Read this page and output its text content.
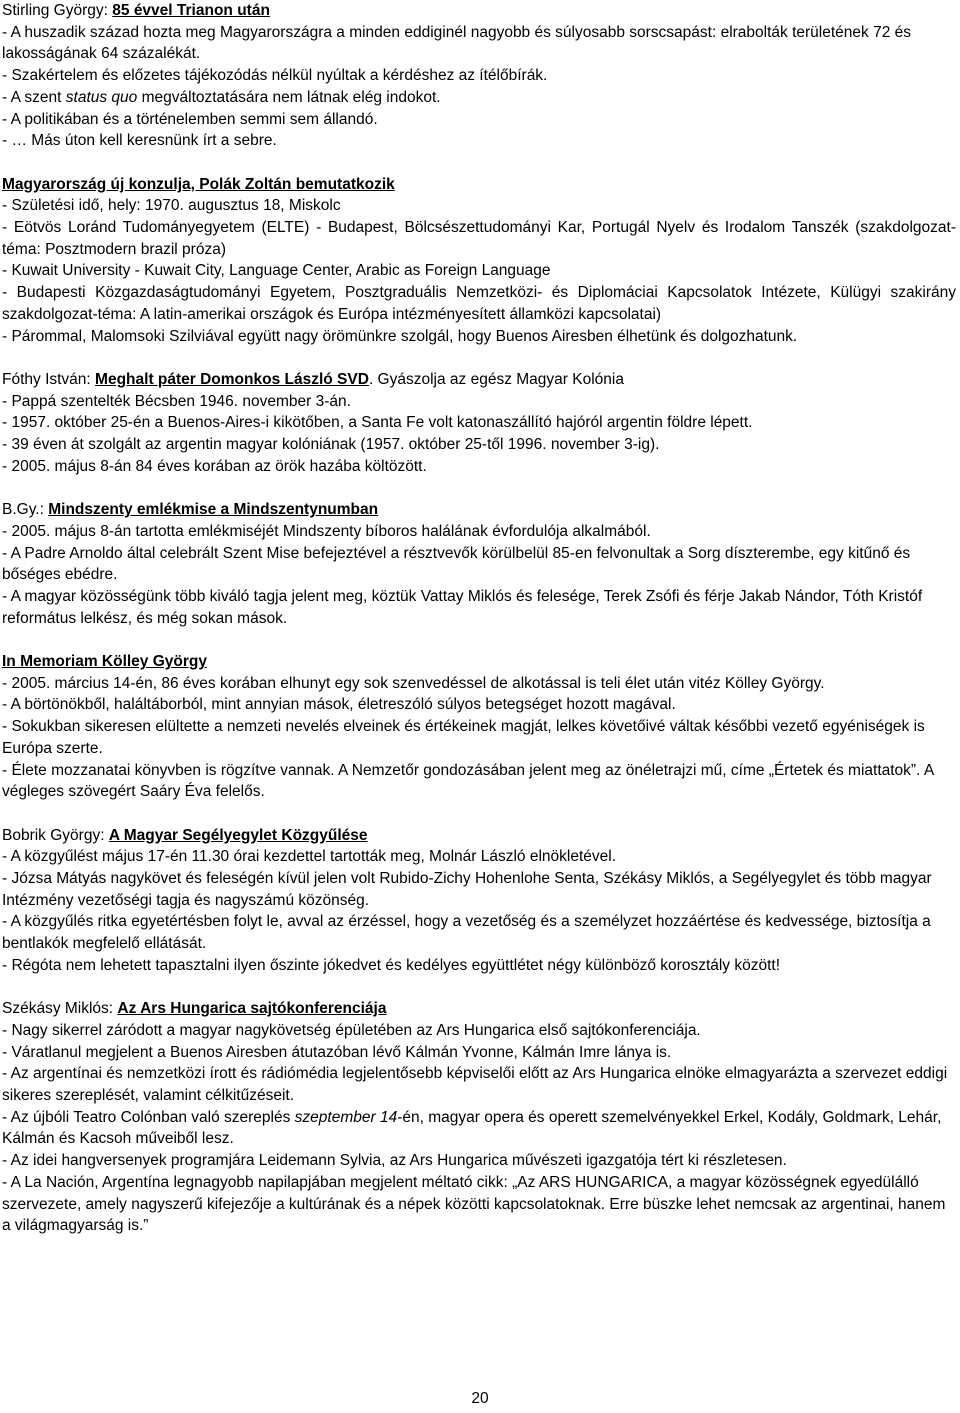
Stirling György: 85 évvel Trianon után
- A huszadik század hozta meg Magyarországra a minden eddiginél nagyobb és súlyosabb sorscsapást: elrabolták területének 72 és lakosságának 64 százalékát.
- Szakértelem és előzetes tájékozódás nélkül nyúltak a kérdéshez az ítélőbírák.
- A szent status quo megváltoztatására nem látnak elég indokot.
- A politikában és a történelemben semmi sem állandó.
- … Más úton kell keresnünk írt a sebre.
Magyarország új konzulja, Polák Zoltán bemutatkozik
- Születési idő, hely: 1970. augusztus 18, Miskolc
- Eötvös Loránd Tudományegyetem (ELTE) - Budapest, Bölcsészettudományi Kar, Portugál Nyelv és Irodalom Tanszék (szakdolgozat-téma: Posztmodern brazil próza)
- Kuwait University - Kuwait City, Language Center, Arabic as Foreign Language
- Budapesti Közgazdaságtudományi Egyetem, Posztgraduális Nemzetközi- és Diplomáciai Kapcsolatok Intézete, Külügyi szakirány szakdolgozat-téma: A latin-amerikai országok és Európa intézményesített államközi kapcsolatai)
- Párommal, Malomsoki Szilviával együtt nagy örömünkre szolgál, hogy Buenos Airesben élhetünk és dolgozhatunk.
Fóthy István: Meghalt páter Domonkos László SVD. Gyászolja az egész Magyar Kolónia
- Pappá szentelték Bécsben 1946. november 3-án.
- 1957. október 25-én a Buenos-Aires-i kikötőben, a Santa Fe volt katonaszállító hajóról argentin földre lépett.
- 39 éven át szolgált az argentin magyar kolóniának (1957. október 25-től 1996. november 3-ig).
- 2005. május 8-án 84 éves korában az örök hazába költözött.
B.Gy.: Mindszenty emlékmise a Mindszentynumban
- 2005. május 8-án tartotta emlékmiséjét Mindszenty bíboros halálának évfordulója alkalmából.
- A Padre Arnoldo által celebrált Szent Mise befejeztével a résztvevők körülbelül 85-en felvonultak a Sorg díszterembe, egy kitűnő és bőséges ebédre.
- A magyar közösségünk több kiváló tagja jelent meg, köztük Vattay Miklós és felesége, Terek Zsófi és férje Jakab Nándor, Tóth Kristóf református lelkész, és még sokan mások.
In Memoriam Kölley György
- 2005. március 14-én, 86 éves korában elhunyt egy sok szenvedéssel de alkotással is teli élet után vitéz Kölley György.
- A börtönökből, haláltáborból, mint annyian mások, életreszóló súlyos betegséget hozott magával.
- Sokukban sikeresen elültette a nemzeti nevelés elveinek és értékeinek magját, lelkes követőivé váltak későbbi vezető egyéniségek is Európa szerte.
- Élete mozzanatai könyvben is rögzítve vannak. A Nemzetőr gondozásában jelent meg az önéletrajzi mű, címe „Értetek és miattatok”. A végleges szövegért Saáry Éva felelős.
Bobrik György: A Magyar Segélyegylet Közgyűlése
- A közgyűlést május 17-én 11.30 órai kezdettel tartották meg, Molnár László elnökletével.
- Józsa Mátyás nagykövet és feleségén kívül jelen volt Rubido-Zichy Hohenlohe Senta, Székásy Miklós, a Segélyegylet és több magyar Intézmény vezetőségi tagja és nagyszámú közönség.
- A közgyűlés ritka egyetértésben folyt le, avval az érzéssel, hogy a vezetőség és a személyzet hozzáértése és kedvessége, biztosítja a bentlakók megfelelő ellátását.
- Régóta nem lehetett tapasztalni ilyen őszinte jókedvet és kedélyes együttlétet négy különböző korosztály között!
Székásy Miklós: Az Ars Hungarica sajtókonferenciája
- Nagy sikerrel záródott a magyar nagykövetség épületében az Ars Hungarica első sajtókonferenciája.
- Váratlanul megjelent a Buenos Airesben átutazóban lévő Kálmán Yvonne, Kálmán Imre lánya is.
- Az argentínai és nemzetközi írott és rádiómédia legjelentősebb képviselői előtt az Ars Hungarica elnöke elmagyarázta a szervezet eddigi sikeres szereplését, valamint célkitűzéseit.
- Az újbóli Teatro Colónban való szereplés szeptember 14-én, magyar opera és operett szemelvényekkel Erkel, Kodály, Goldmark, Lehár, Kálmán és Kacsoh műveiből lesz.
- Az idei hangversenyek programjára Leidemann Sylvia, az Ars Hungarica művészeti igazgatója tért ki részletesen.
- A La Nación, Argentína legnagyobb napilapjában megjelent méltató cikk: „Az ARS HUNGARICA, a magyar közösségnek egyedülálló szervezete, amely nagyszerű kifejezője a kultúrának és a népek közötti kapcsolatoknak. Erre büszke lehet nemcsak az argentinai, hanem a világmagyarság is.”
20
